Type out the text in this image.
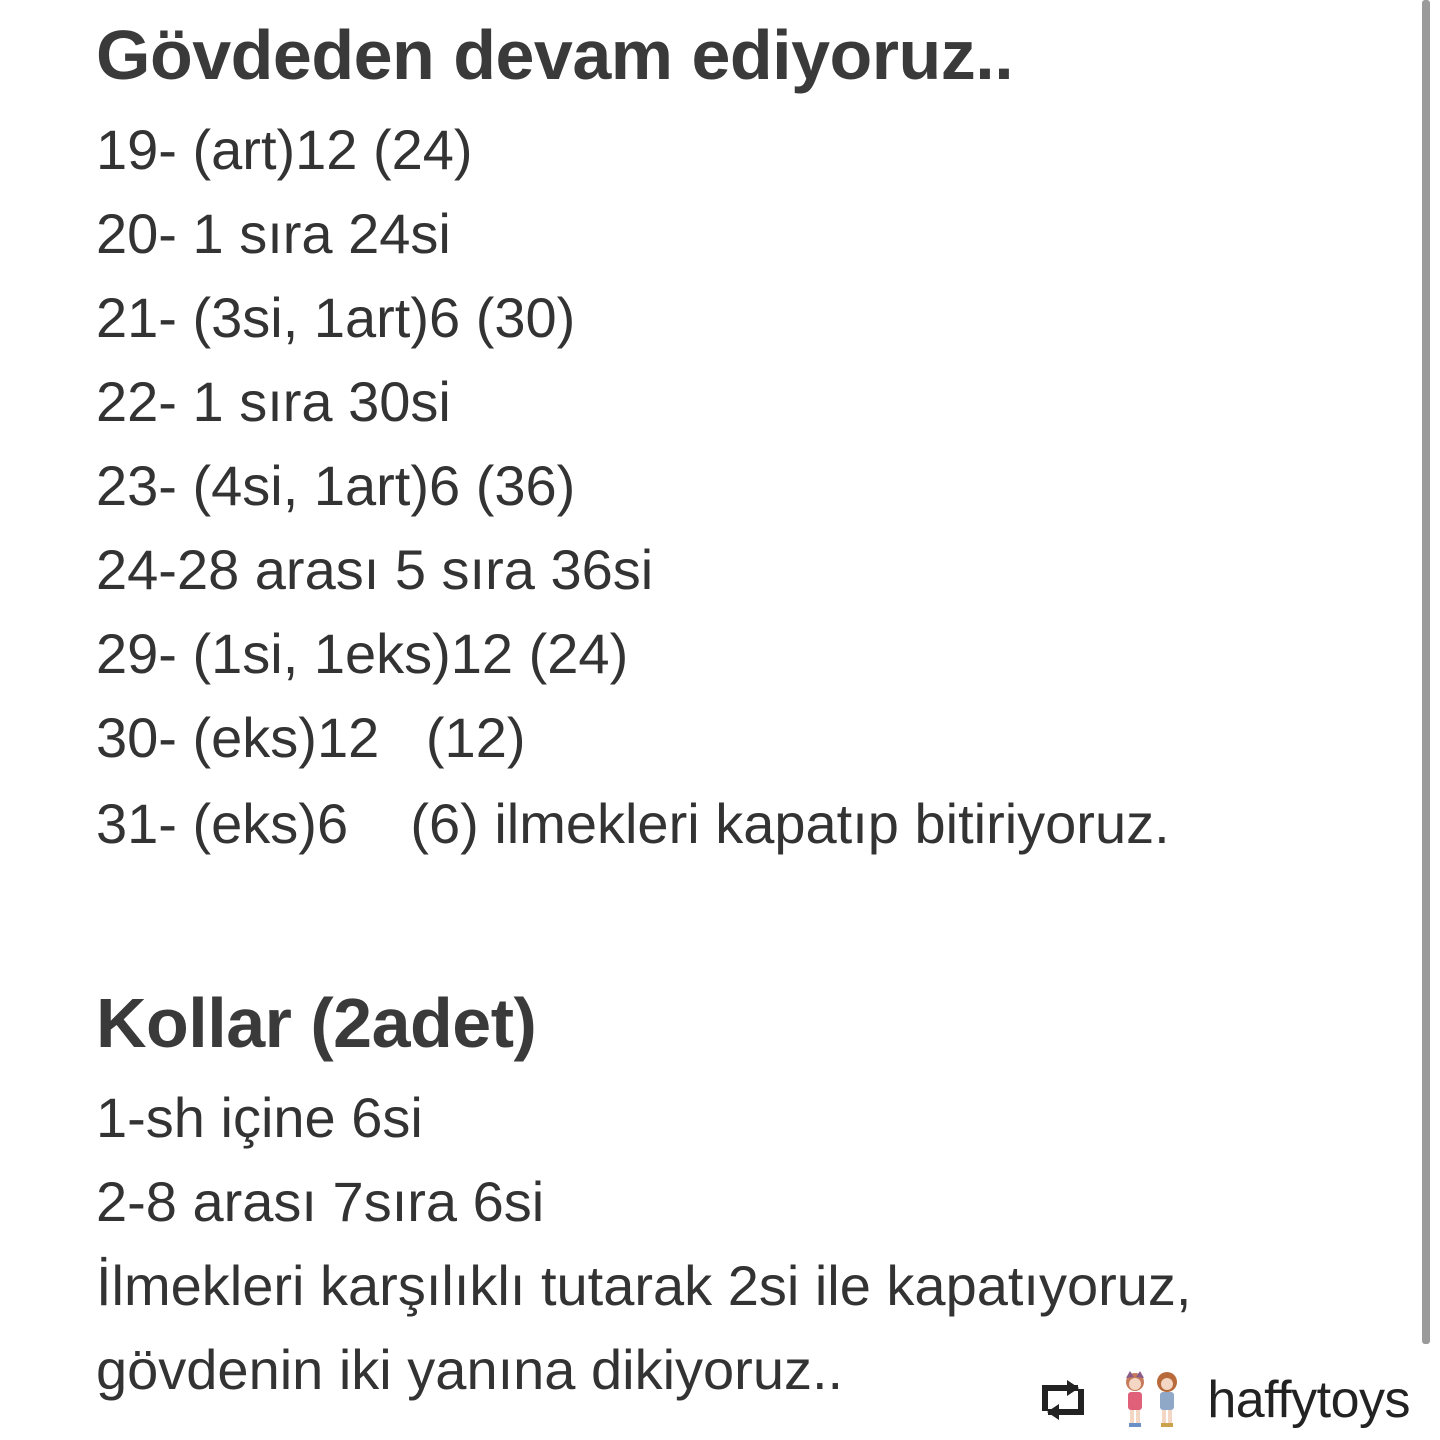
Gövdeden devam ediyoruz..
19- (art)12 (24)
20- 1 sıra 24si
21- (3si, 1art)6 (30)
22- 1 sıra 30si
23- (4si, 1art)6 (36)
24-28 arası 5 sıra 36si
29- (1si, 1eks)12 (24)
30- (eks)12   (12)
31- (eks)6    (6) ilmekleri kapatıp bitiriyoruz.
Kollar (2adet)
1-sh içine 6si
2-8 arası 7sıra 6si
İlmekleri karşılıklı tutarak 2si ile kapatıyoruz,
gövdenin iki yanına dikiyoruz..	haffytoys
